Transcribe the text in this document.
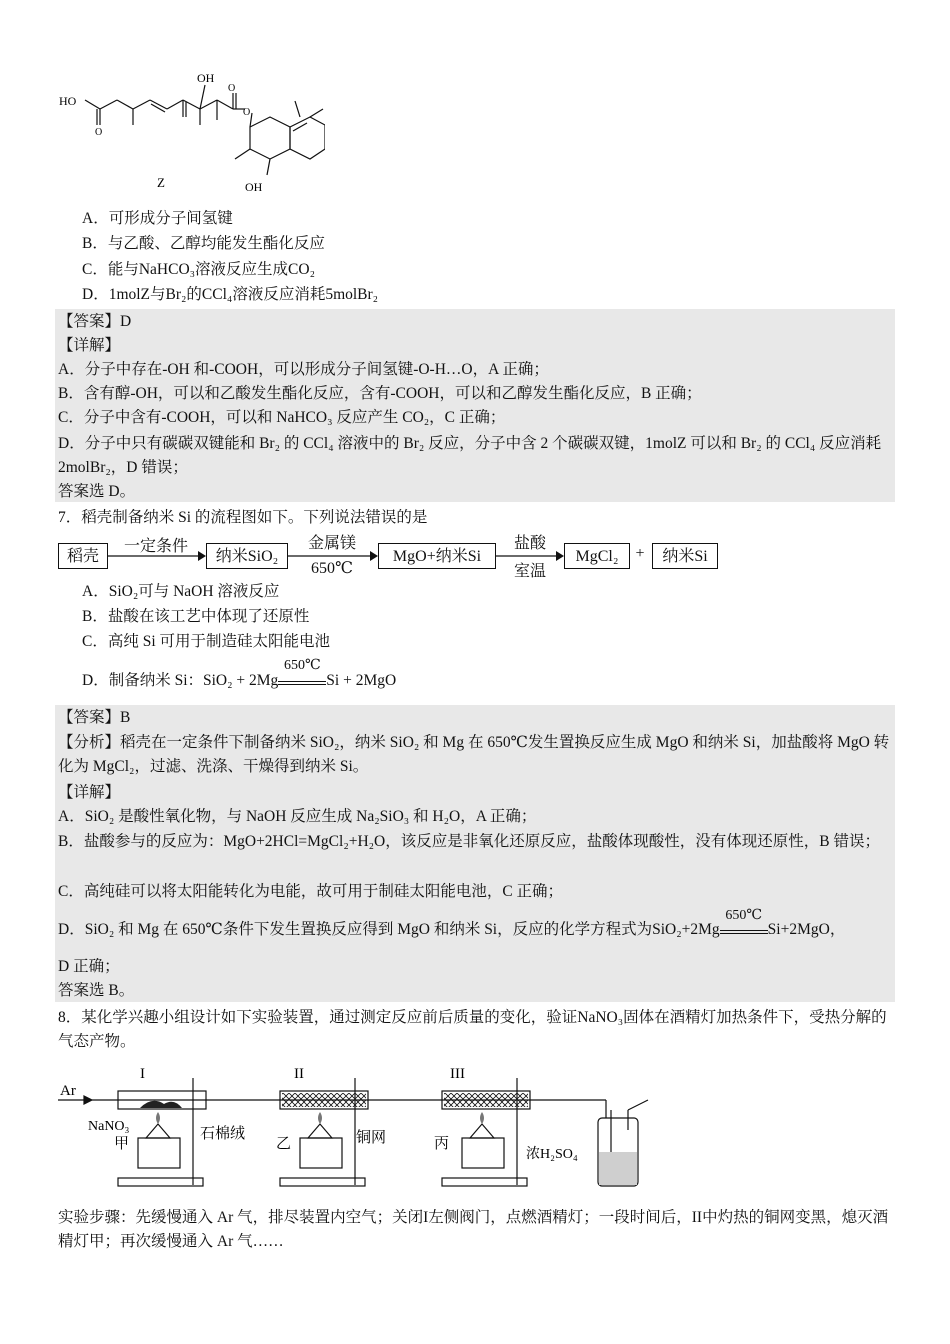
OH
HO
O
O
O
Z	OH
A．可形成分子间氢键
B．与乙酸、乙醇均能发生酯化反应
C．能与NaHCO₃溶液反应生成CO₂
D．1molZ与Br₂的CCl₄溶液反应消耗5molBr₂
【答案】D
【详解】
A．分子中存在-OH 和-COOH，可以形成分子间氢键-O-H…O，A 正确；
B．含有醇-OH，可以和乙酸发生酯化反应，含有-COOH，可以和乙醇发生酯化反应，B 正确；
C．分子中含有-COOH，可以和 NaHCO₃ 反应产生 CO₂，C 正确；
D．分子中只有碳碳双键能和 Br₂ 的 CCl₄ 溶液中的 Br₂ 反应，分子中含 2 个碳碳双键，1molZ 可以和 Br₂ 的 CCl₄ 反应消耗 2molBr₂，D 错误；
答案选 D。
7．稻壳制备纳米 Si 的流程图如下。下列说法错误的是
稻壳
一定条件
纳米SiO₂
金属镁
650℃
MgO+纳米Si
盐酸
室温
MgCl₂	+	纳米Si
A．SiO₂可与 NaOH 溶液反应
B．盐酸在该工艺中体现了还原性
C．高纯 Si 可用于制造硅太阳能电池
D．制备纳米 Si：SiO₂ + 2Mg
650℃
Si + 2MgO
【答案】B
【分析】稻壳在一定条件下制备纳米 SiO₂，纳米 SiO₂ 和 Mg 在 650℃发生置换反应生成 MgO 和纳米 Si，加盐酸将 MgO 转化为 MgCl₂，过滤、洗涤、干燥得到纳米 Si。
【详解】
A．SiO₂ 是酸性氧化物，与 NaOH 反应生成 Na₂SiO₃ 和 H₂O，A 正确；
B．盐酸参与的反应为：MgO+2HCl=MgCl₂+H₂O，该反应是非氧化还原反应，盐酸体现酸性，没有体现还原性，B 错误；
C．高纯硅可以将太阳能转化为电能，故可用于制硅太阳能电池，C 正确；
D．SiO₂ 和 Mg 在 650℃条件下发生置换反应得到 MgO 和纳米 Si，反应的化学方程式为SiO₂+2Mg
650℃
Si+2MgO，
D 正确；
答案选 B。
8．某化学兴趣小组设计如下实验装置，通过测定反应前后质量的变化，验证NaNO₃固体在酒精灯加热条件下，受热分解的气态产物。
Ar
I	II	III
NaNO₃	石棉绒	铜网
甲	乙	丙
浓H₂SO₄
实验步骤：先缓慢通入 Ar 气，排尽装置内空气；关闭I左侧阀门，点燃酒精灯；一段时间后，II中灼热的铜网变黑，熄灭酒精灯甲；再次缓慢通入 Ar 气……
